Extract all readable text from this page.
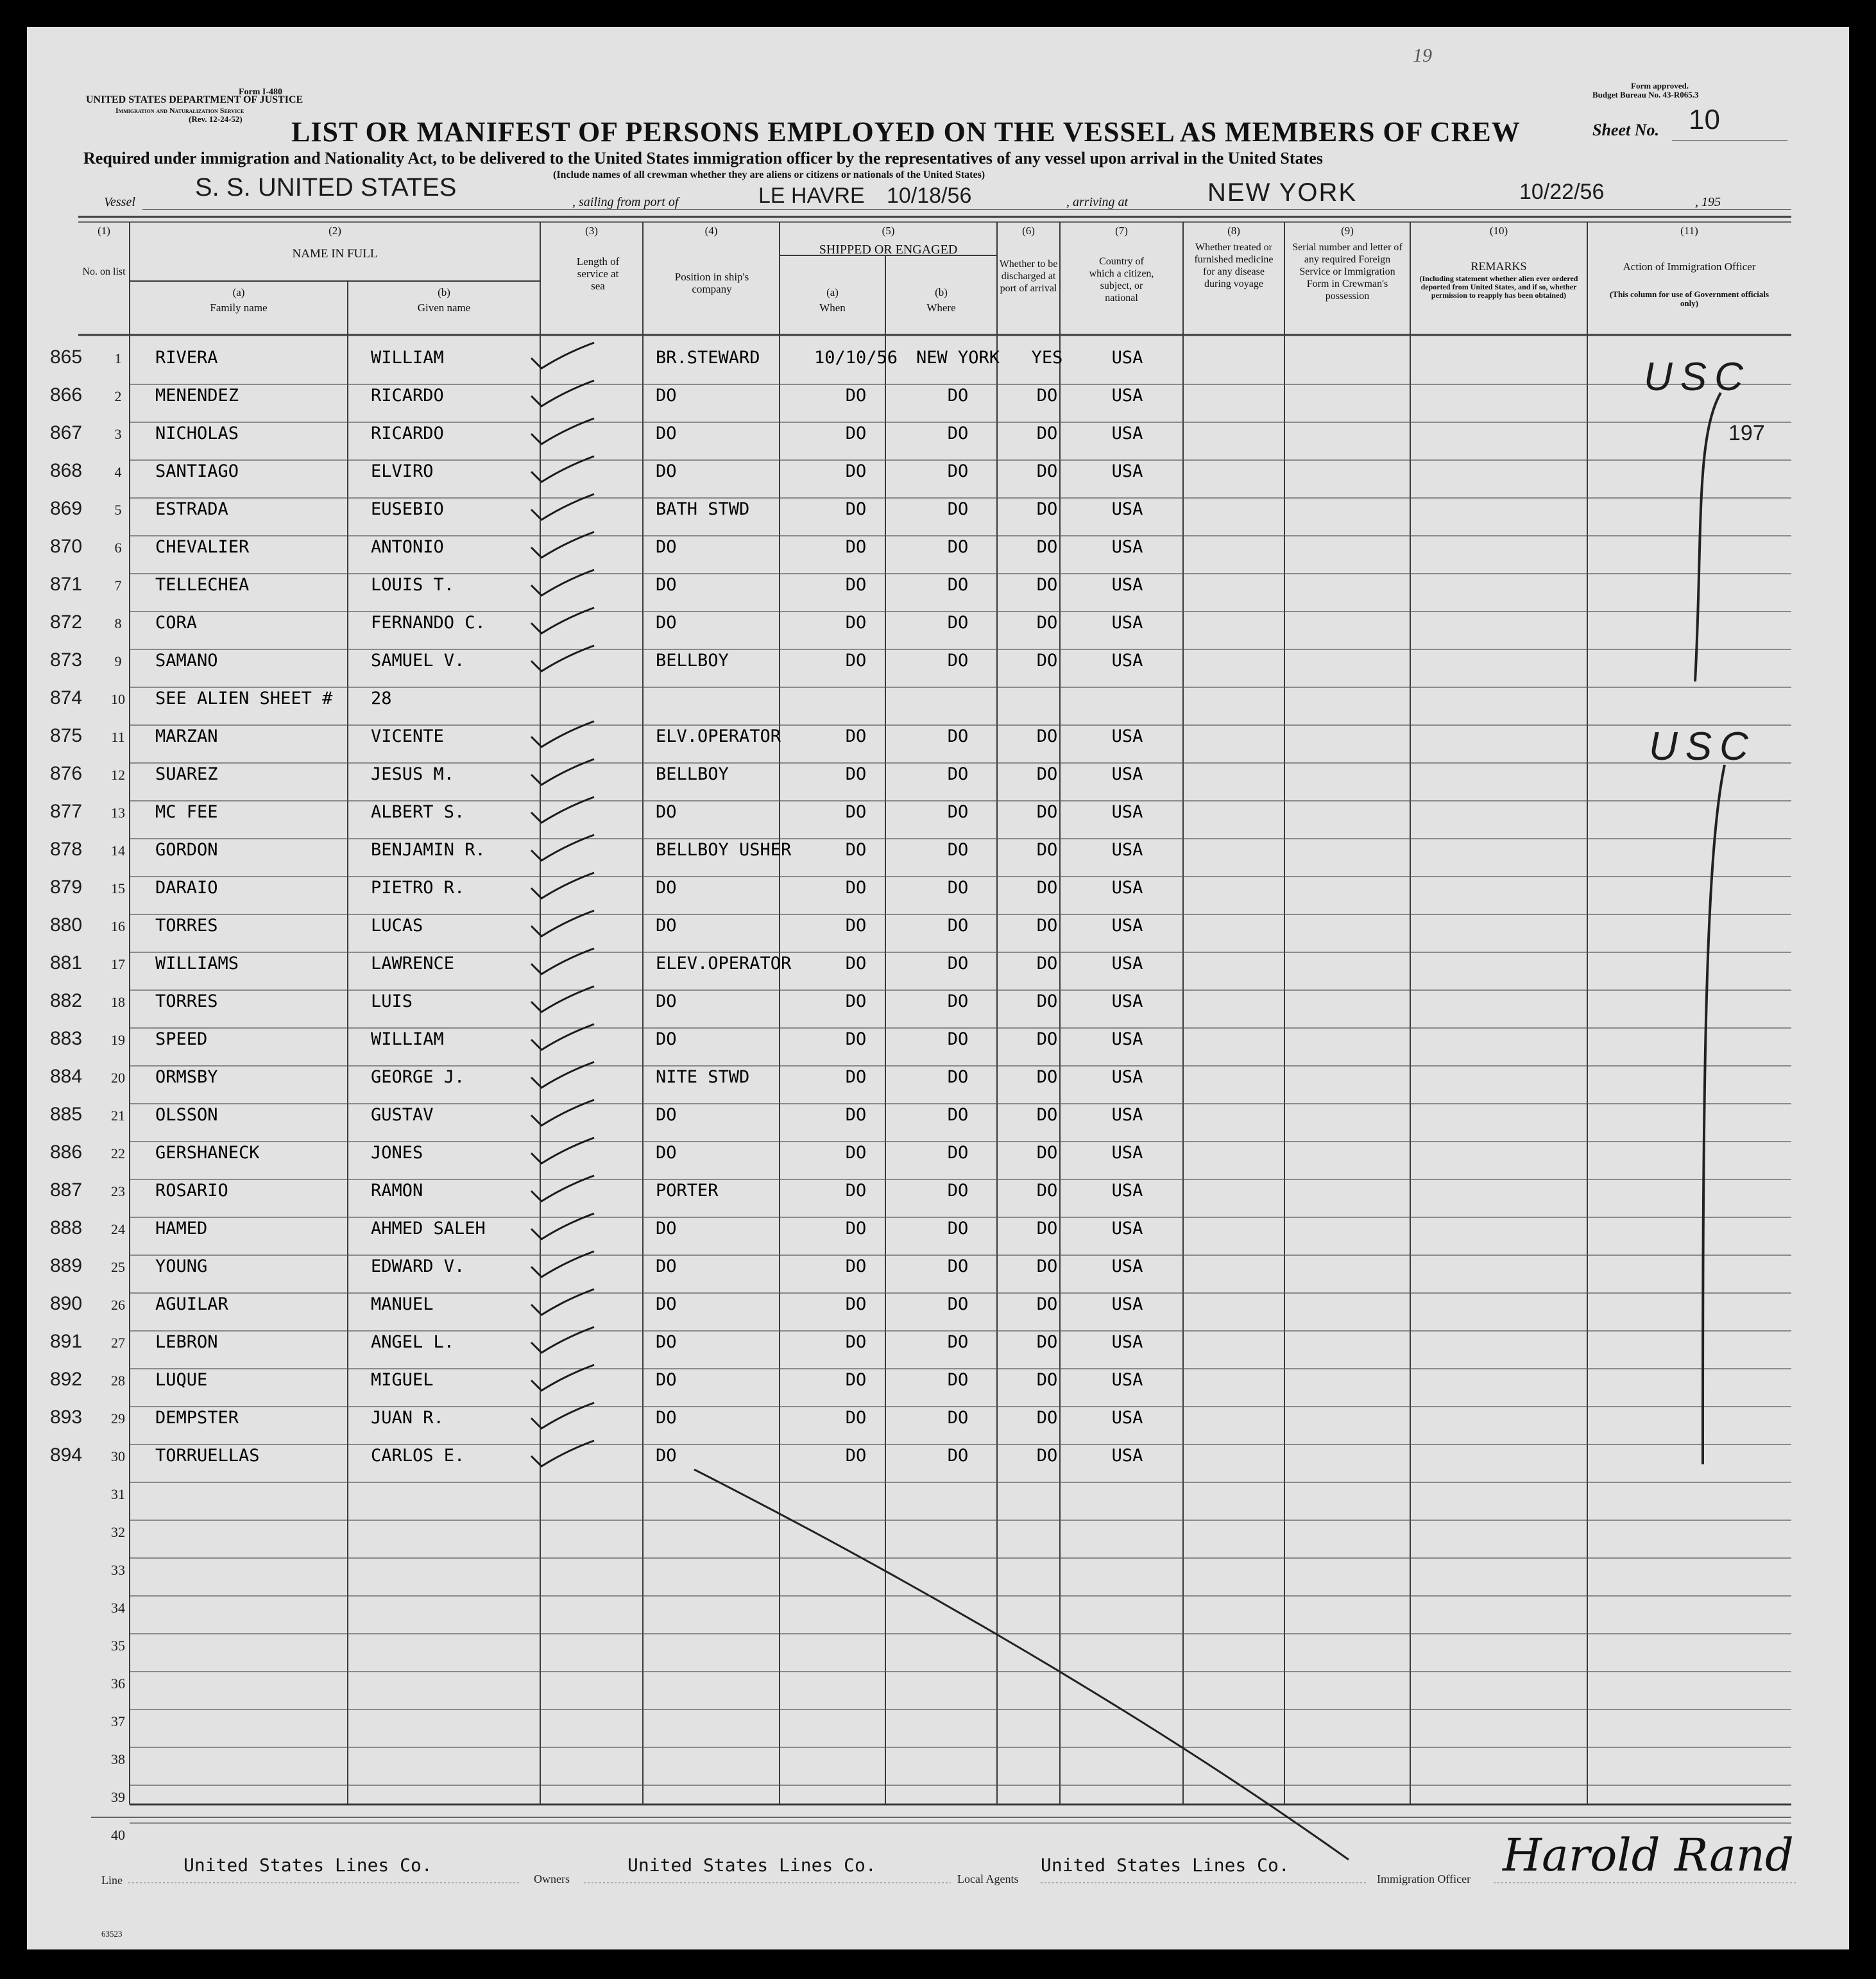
19
Form I-480
UNITED STATES DEPARTMENT OF JUSTICE
Immigration and Naturalization Service
(Rev. 12-24-52)
Form approved.
Budget Bureau No. 43-R065.3
LIST OR MANIFEST OF PERSONS EMPLOYED ON THE VESSEL AS MEMBERS OF CREW	Sheet No. 10
Required under immigration and Nationality Act, to be delivered to the United States immigration officer by the representatives of any vessel upon arrival in the United States
(Include names of all crewman whether they are aliens or citizens or nationals of the United States)
Vessel
S. S. UNITED STATES
, sailing from port of	LE HAVRE 10/18/56	, arriving at	NEW YORK	10/22/56	, 195
(1)
No. on list
(2)
NAME IN FULL
(a)
Family name
(b)
Given name
(3)
Length of service at sea
(4)
Position in ship's company
(5)
SHIPPED OR ENGAGED
(a)
When
(b)
Where
(6)
Whether to be discharged at port of arrival
(7)
Country of which a citizen, subject, or national
(8)
Whether treated or furnished medicine for any disease during voyage
(9)
Serial number and letter of any required Foreign Service or Immigration Form in Crewman's possession
(10)
REMARKS
(Including statement whether alien ever ordered deported from United States, and if so, whether permission to reapply has been obtained)
(11)
Action of Immigration Officer
(This column for use of Government officials only)
865	1	RIVERA	WILLIAM	BR.STEWARD	10/10/56	NEW YORK	YES	USA
866	2	MENENDEZ	RICARDO	DO	DO	DO	DO	USA
867	3	NICHOLAS	RICARDO	DO	DO	DO	DO	USA
868	4	SANTIAGO	ELVIRO	DO	DO	DO	DO	USA
869	5	ESTRADA	EUSEBIO	BATH STWD	DO	DO	DO	USA
870	6	CHEVALIER	ANTONIO	DO	DO	DO	DO	USA
871	7	TELLECHEA	LOUIS T.	DO	DO	DO	DO	USA
872	8	CORA	FERNANDO C.	DO	DO	DO	DO	USA
873	9	SAMANO	SAMUEL V.	BELLBOY	DO	DO	DO	USA
874	10	SEE ALIEN SHEET # 28
875	11	MARZAN	VICENTE	ELV.OPERATOR	DO	DO	DO	USA
876	12	SUAREZ	JESUS M.	BELLBOY	DO	DO	DO	USA
877	13	MC FEE	ALBERT S.	DO	DO	DO	DO	USA
878	14	GORDON	BENJAMIN R.	BELLBOY USHER	DO	DO	DO	USA
879	15	DARAIO	PIETRO R.	DO	DO	DO	DO	USA
880	16	TORRES	LUCAS	DO	DO	DO	DO	USA
881	17	WILLIAMS	LAWRENCE	ELEV.OPERATOR	DO	DO	DO	USA
882	18	TORRES	LUIS	DO	DO	DO	DO	USA
883	19	SPEED	WILLIAM	DO	DO	DO	DO	USA
884	20	ORMSBY	GEORGE J.	NITE STWD	DO	DO	DO	USA
885	21	OLSSON	GUSTAV	DO	DO	DO	DO	USA
886	22	GERSHANECK	JONES	DO	DO	DO	DO	USA
887	23	ROSARIO	RAMON	PORTER	DO	DO	DO	USA
888	24	HAMED	AHMED SALEH	DO	DO	DO	DO	USA
889	25	YOUNG	EDWARD V.	DO	DO	DO	DO	USA
890	26	AGUILAR	MANUEL	DO	DO	DO	DO	USA
891	27	LEBRON	ANGEL L.	DO	DO	DO	DO	USA
892	28	LUQUE	MIGUEL	DO	DO	DO	DO	USA
893	29	DEMPSTER	JUAN R.	DO	DO	DO	DO	USA
894	30	TORRUELLAS	CARLOS E.	DO	DO	DO	DO	USA
31
32
33
34
35
36
37
38
39
40
USC
197
USC
Line
United States Lines Co.
Owners
United States Lines Co.
Local Agents
United States Lines Co.
Immigration Officer Harold Rand
63523
